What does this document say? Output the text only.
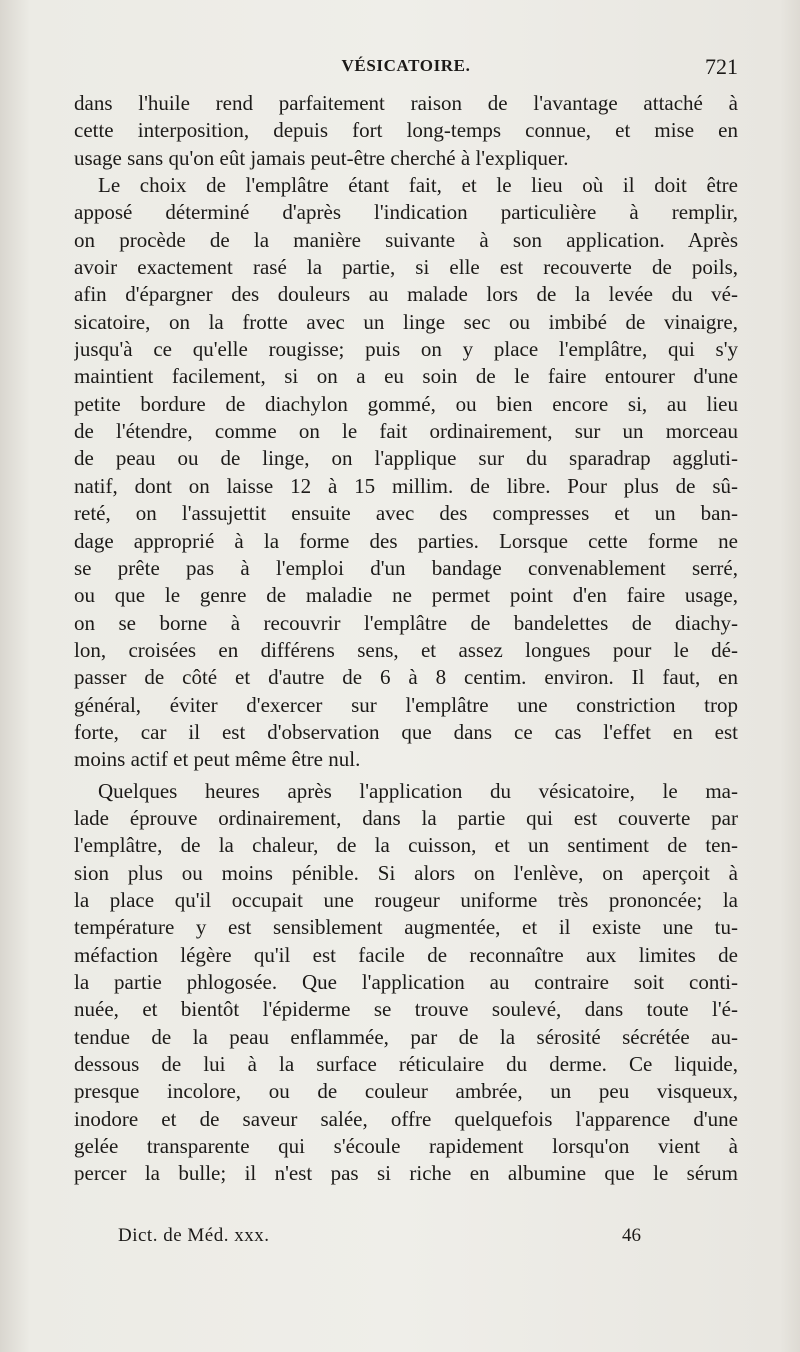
VÉSICATOIRE.	721
dans l'huile rend parfaitement raison de l'avantage attaché à
cette interposition, depuis fort long-temps connue, et mise en
usage sans qu'on eût jamais peut-être cherché à l'expliquer.
Le choix de l'emplâtre étant fait, et le lieu où il doit être
apposé déterminé d'après l'indication particulière à remplir,
on procède de la manière suivante à son application. Après
avoir exactement rasé la partie, si elle est recouverte de poils,
afin d'épargner des douleurs au malade lors de la levée du vé-
sicatoire, on la frotte avec un linge sec ou imbibé de vinaigre,
jusqu'à ce qu'elle rougisse; puis on y place l'emplâtre, qui s'y
maintient facilement, si on a eu soin de le faire entourer d'une
petite bordure de diachylon gommé, ou bien encore si, au lieu
de l'étendre, comme on le fait ordinairement, sur un morceau
de peau ou de linge, on l'applique sur du sparadrap aggluti-
natif, dont on laisse 12 à 15 millim. de libre. Pour plus de sû-
reté, on l'assujettit ensuite avec des compresses et un ban-
dage approprié à la forme des parties. Lorsque cette forme ne
se prête pas à l'emploi d'un bandage convenablement serré,
ou que le genre de maladie ne permet point d'en faire usage,
on se borne à recouvrir l'emplâtre de bandelettes de diachy-
lon, croisées en différens sens, et assez longues pour le dé-
passer de côté et d'autre de 6 à 8 centim. environ. Il faut, en
général, éviter d'exercer sur l'emplâtre une constriction trop
forte, car il est d'observation que dans ce cas l'effet en est
moins actif et peut même être nul.
Quelques heures après l'application du vésicatoire, le ma-
lade éprouve ordinairement, dans la partie qui est couverte par
l'emplâtre, de la chaleur, de la cuisson, et un sentiment de ten-
sion plus ou moins pénible. Si alors on l'enlève, on aperçoit à
la place qu'il occupait une rougeur uniforme très prononcée; la
température y est sensiblement augmentée, et il existe une tu-
méfaction légère qu'il est facile de reconnaître aux limites de
la partie phlogosée. Que l'application au contraire soit conti-
nuée, et bientôt l'épiderme se trouve soulevé, dans toute l'é-
tendue de la peau enflammée, par de la sérosité sécrétée au-
dessous de lui à la surface réticulaire du derme. Ce liquide,
presque incolore, ou de couleur ambrée, un peu visqueux,
inodore et de saveur salée, offre quelquefois l'apparence d'une
gelée transparente qui s'écoule rapidement lorsqu'on vient à
percer la bulle; il n'est pas si riche en albumine que le sérum
Dict. de Méd. xxx.	46
